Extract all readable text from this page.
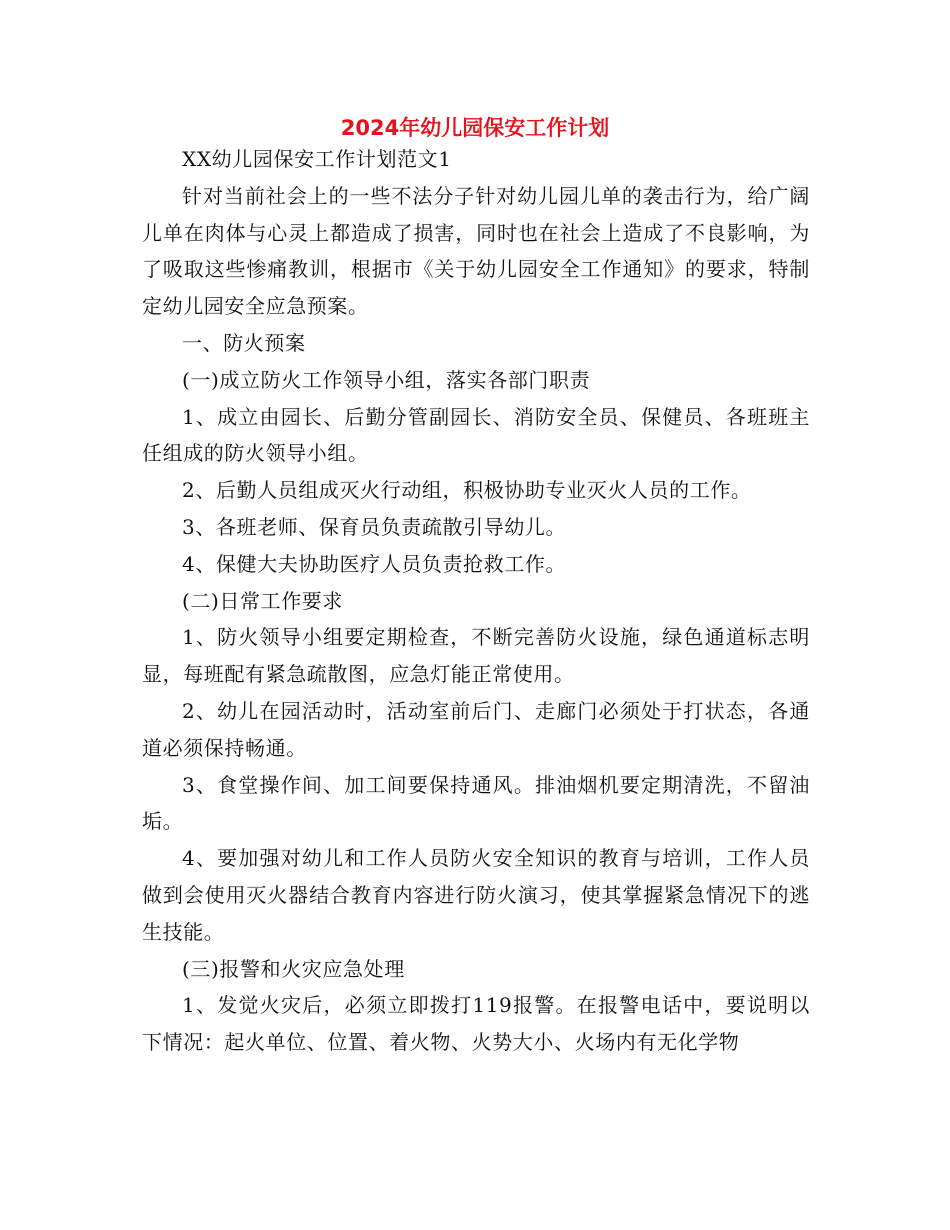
2024年幼儿园保安工作计划

XX幼儿园保安工作计划范文1

针对当前社会上的一些不法分子针对幼儿园儿单的袭击行为，给广阔儿单在肉体与心灵上都造成了损害，同时也在社会上造成了不良影响，为了吸取这些惨痛教训，根据市《关于幼儿园安全工作通知》的要求，特制定幼儿园安全应急预案。

一、防火预案

(一)成立防火工作领导小组，落实各部门职责

1、成立由园长、后勤分管副园长、消防安全员、保健员、各班班主任组成的防火领导小组。

2、后勤人员组成灭火行动组，积极协助专业灭火人员的工作。

3、各班老师、保育员负责疏散引导幼儿。

4、保健大夫协助医疗人员负责抢救工作。

(二)日常工作要求

1、防火领导小组要定期检查，不断完善防火设施，绿色通道标志明显，每班配有紧急疏散图，应急灯能正常使用。

2、幼儿在园活动时，活动室前后门、走廊门必须处于打状态，各通道必须保持畅通。

3、食堂操作间、加工间要保持通风。排油烟机要定期清洗，不留油垢。

4、要加强对幼儿和工作人员防火安全知识的教育与培训，工作人员做到会使用灭火器结合教育内容进行防火演习，使其掌握紧急情况下的逃生技能。

(三)报警和火灾应急处理

1、发觉火灾后，必须立即拨打119报警。在报警电话中，要说明以下情况：起火单位、位置、着火物、火势大小、火场内有无化学物
